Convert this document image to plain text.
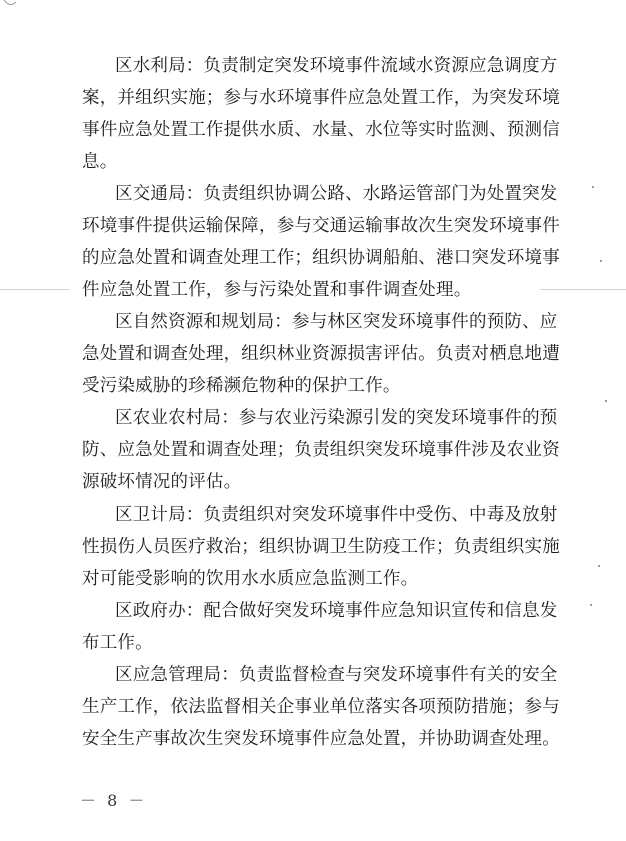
区水利局：负责制定突发环境事件流域水资源应急调度方
案，并组织实施；参与水环境事件应急处置工作，为突发环境
事件应急处置工作提供水质、水量、水位等实时监测、预测信
息。
区交通局：负责组织协调公路、水路运管部门为处置突发
环境事件提供运输保障，参与交通运输事故次生突发环境事件
的应急处置和调查处理工作；组织协调船舶、港口突发环境事
件应急处置工作，参与污染处置和事件调查处理。
区自然资源和规划局：参与林区突发环境事件的预防、应
急处置和调查处理，组织林业资源损害评估。负责对栖息地遭
受污染威胁的珍稀濒危物种的保护工作。
区农业农村局：参与农业污染源引发的突发环境事件的预
防、应急处置和调查处理；负责组织突发环境事件涉及农业资
源破坏情况的评估。
区卫计局：负责组织对突发环境事件中受伤、中毒及放射
性损伤人员医疗救治；组织协调卫生防疫工作；负责组织实施
对可能受影响的饮用水水质应急监测工作。
区政府办：配合做好突发环境事件应急知识宣传和信息发
布工作。
区应急管理局：负责监督检查与突发环境事件有关的安全
生产工作，依法监督相关企事业单位落实各项预防措施；参与
安全生产事故次生突发环境事件应急处置，并协助调查处理。
－ 8 －
